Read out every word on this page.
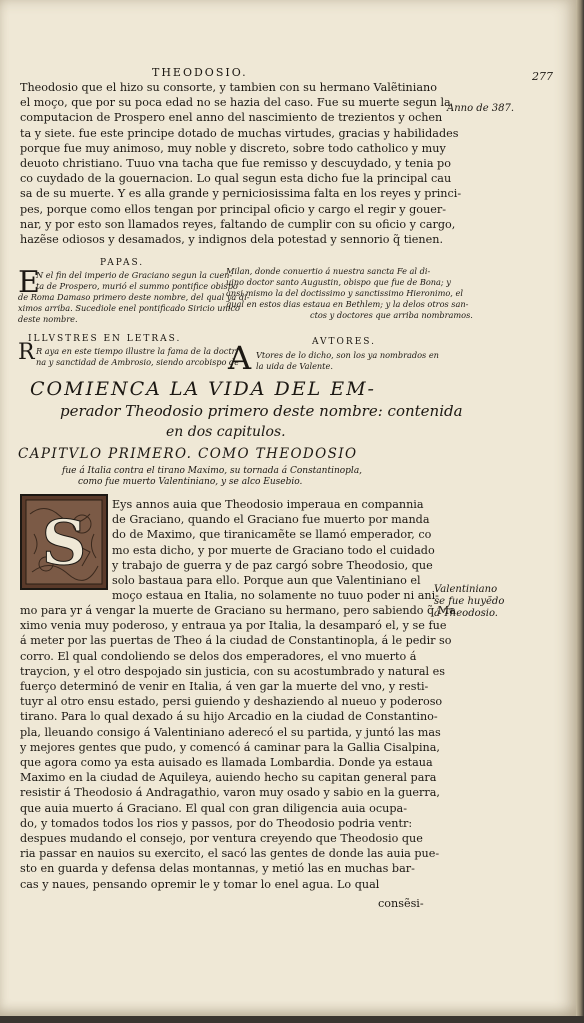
THEODOSIO.	277
Anno de 387.
Theodosio que el hizo su consorte, y tambien con su hermano Valẽtiniano
el moço, que por su poca edad no se hazia del caso. Fue su muerte segun la
computacion de Prospero enel anno del nascimiento de trezientos y ochen
ta y siete. fue este principe dotado de muchas virtudes, gracias y habilidades
porque fue muy animoso, muy noble y discreto, sobre todo catholico y muy
deuoto christiano. Tuuo vna tacha que fue remisso y descuydado, y tenia po
co cuydado de la gouernacion. Lo qual segun esta dicho fue la principal cau
sa de su muerte. Y es alla grande y perniciosissima falta en los reyes y princi-
pes, porque como ellos tengan por principal oficio y cargo el regir y gouer-
nar, y por esto son llamados reyes, faltando de cumplir con su oficio y cargo,
hazẽse odiosos y desamados, y indignos dela potestad y sennorio q̃ tienen.
PAPAS.
E
N el fin del imperio de Graciano segun la cuen-
ta de Prospero, murió el summo pontifice obispo
de Roma Damaso primero deste nombre, del qual ya di-
ximos arriba. Sucediole enel pontificado Siricio unico
deste nombre.
Milan, donde conuertio á nuestra sancta Fe al di-
uino doctor santo Augustin, obispo que fue de Bona; y
ansi mismo la del doctissimo y sanctissimo Hieronimo, el
qual en estos dias estaua en Bethlem; y la delos otros san-
ctos y doctores que arriba nombramos.
ILLVSTRES EN LETRAS.
R R aya en este tiempo illustre la fama de la doctri
na y sanctidad de Ambrosio, siendo arcobispo de
AVTORES.
A Vtores de lo dicho, son los ya nombrados en
la uida de Valente.
COMIENCA LA VIDA DEL EM-
perador Theodosio primero deste nombre: contenida
en dos capitulos.
CAPITVLO PRIMERO. COMO THEODOSIO
fue á Italia contra el tirano Maximo, su tornada á Constantinopla,
como fue muerto Valentiniano, y se alco Eusebio.
S
Eys annos auia que Theodosio imperaua en compannia
de Graciano, quando el Graciano fue muerto por manda
do de Maximo, que tiranicamẽte se llamó emperador, co
mo esta dicho, y por muerte de Graciano todo el cuidado
y trabajo de guerra y de paz cargó sobre Theodosio, que
solo bastaua para ello. Porque aun que Valentiniano el
moço estaua en Italia, no solamente no tuuo poder ni ani-
Valentiniano
se fue huyẽdo
á Theodosio.
mo para yr á vengar la muerte de Graciano su hermano, pero sabiendo q̃ Ma
ximo venia muy poderoso, y entraua ya por Italia, la desamparó el, y se fue
á meter por las puertas de Theo á la ciudad de Constantinopla, á le pedir so
corro. El qual condoliendo se delos dos emperadores, el vno muerto á
traycion, y el otro despojado sin justicia, con su acostumbrado y natural es
fuerço determinó de venir en Italia, á ven gar la muerte del vno, y resti-
tuyr al otro ensu estado, persi guiendo y deshaziendo al nueuo y poderoso
tirano. Para lo qual dexado á su hijo Arcadio en la ciudad de Constantino-
pla, lleuando consigo á Valentiniano aderecó el su partida, y juntó las mas
y mejores gentes que pudo, y comencó á caminar para la Gallia Cisalpina,
que agora como ya esta auisado es llamada Lombardia. Donde ya estaua
Maximo en la ciudad de Aquileya, auiendo hecho su capitan general para
resistir á Theodosio á Andragathio, varon muy osado y sabio en la guerra,
que auia muerto á Graciano. El qual con gran diligencia auia ocupa-
do, y tomados todos los rios y passos, por do Theodosio podria ventr:
despues mudando el consejo, por ventura creyendo que Theodosio que
ria passar en nauios su exercito, el sacó las gentes de donde las auia pue-
sto en guarda y defensa delas montannas, y metió las en muchas bar-
cas y naues, pensando opremir le y tomar lo enel agua. Lo qual
consẽsi-
